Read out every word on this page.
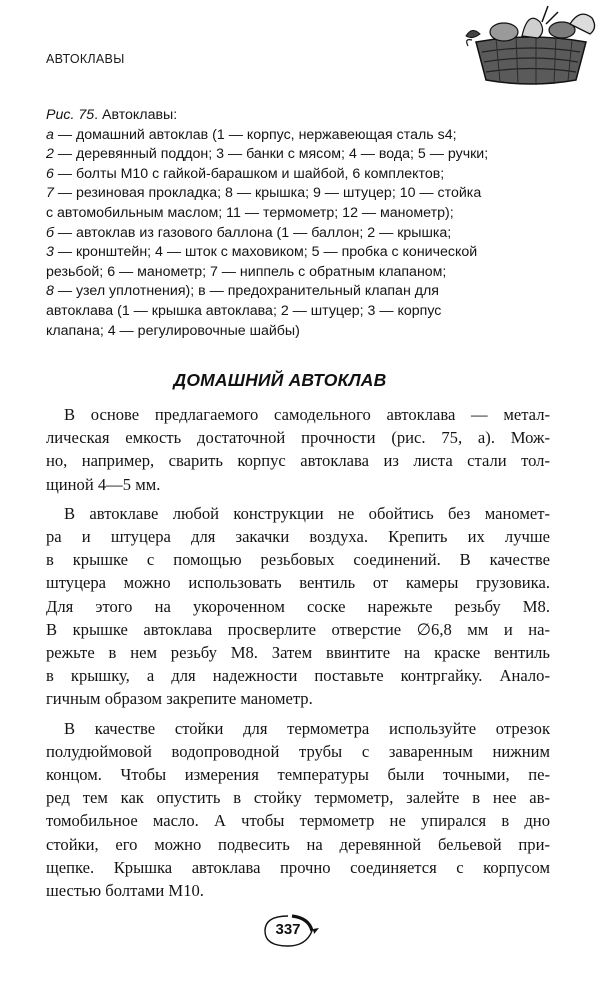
АВТОКЛАВЫ
Рис. 75. Автоклавы:
а — домашний автоклав (1 — корпус, нержавеющая сталь s4;
2 — деревянный поддон; 3 — банки с мясом; 4 — вода; 5 — ручки;
6 — болты М10 с гайкой-барашком и шайбой, 6 комплектов;
7 — резиновая прокладка; 8 — крышка; 9 — штуцер; 10 — стойка
с автомобильным маслом; 11 — термометр; 12 — манометр);
б — автоклав из газового баллона (1 — баллон; 2 — крышка;
3 — кронштейн; 4 — шток с маховиком; 5 — пробка с конической
резьбой; 6 — манометр; 7 — ниппель с обратным клапаном;
8 — узел уплотнения); в — предохранительный клапан для
автоклава (1 — крышка автоклава; 2 — штуцер; 3 — корпус
клапана; 4 — регулировочные шайбы)
ДОМАШНИЙ АВТОКЛАВ

В основе предлагаемого самодельного автоклава — метал-
лическая емкость достаточной прочности (рис. 75, а). Мож-
но, например, сварить корпус автоклава из листа стали тол-
щиной 4—5 мм.

В автоклаве любой конструкции не обойтись без маномет-
ра и штуцера для закачки воздуха. Крепить их лучше
в крышке с помощью резьбовых соединений. В качестве
штуцера можно использовать вентиль от камеры грузовика.
Для этого на укороченном соске нарежьте резьбу М8.
В крышке автоклава просверлите отверстие ∅6,8 мм и на-
режьте в нем резьбу М8. Затем ввинтите на краске вентиль
в крышку, а для надежности поставьте контргайку. Анало-
гичным образом закрепите манометр.

В качестве стойки для термометра используйте отрезок
полудюймовой водопроводной трубы с заваренным нижним
концом. Чтобы измерения температуры были точными, пе-
ред тем как опустить в стойку термометр, залейте в нее ав-
томобильное масло. А чтобы термометр не упирался в дно
стойки, его можно подвесить на деревянной бельевой при-
щепке. Крышка автоклава прочно соединяется с корпусом
шестью болтами М10.

337
